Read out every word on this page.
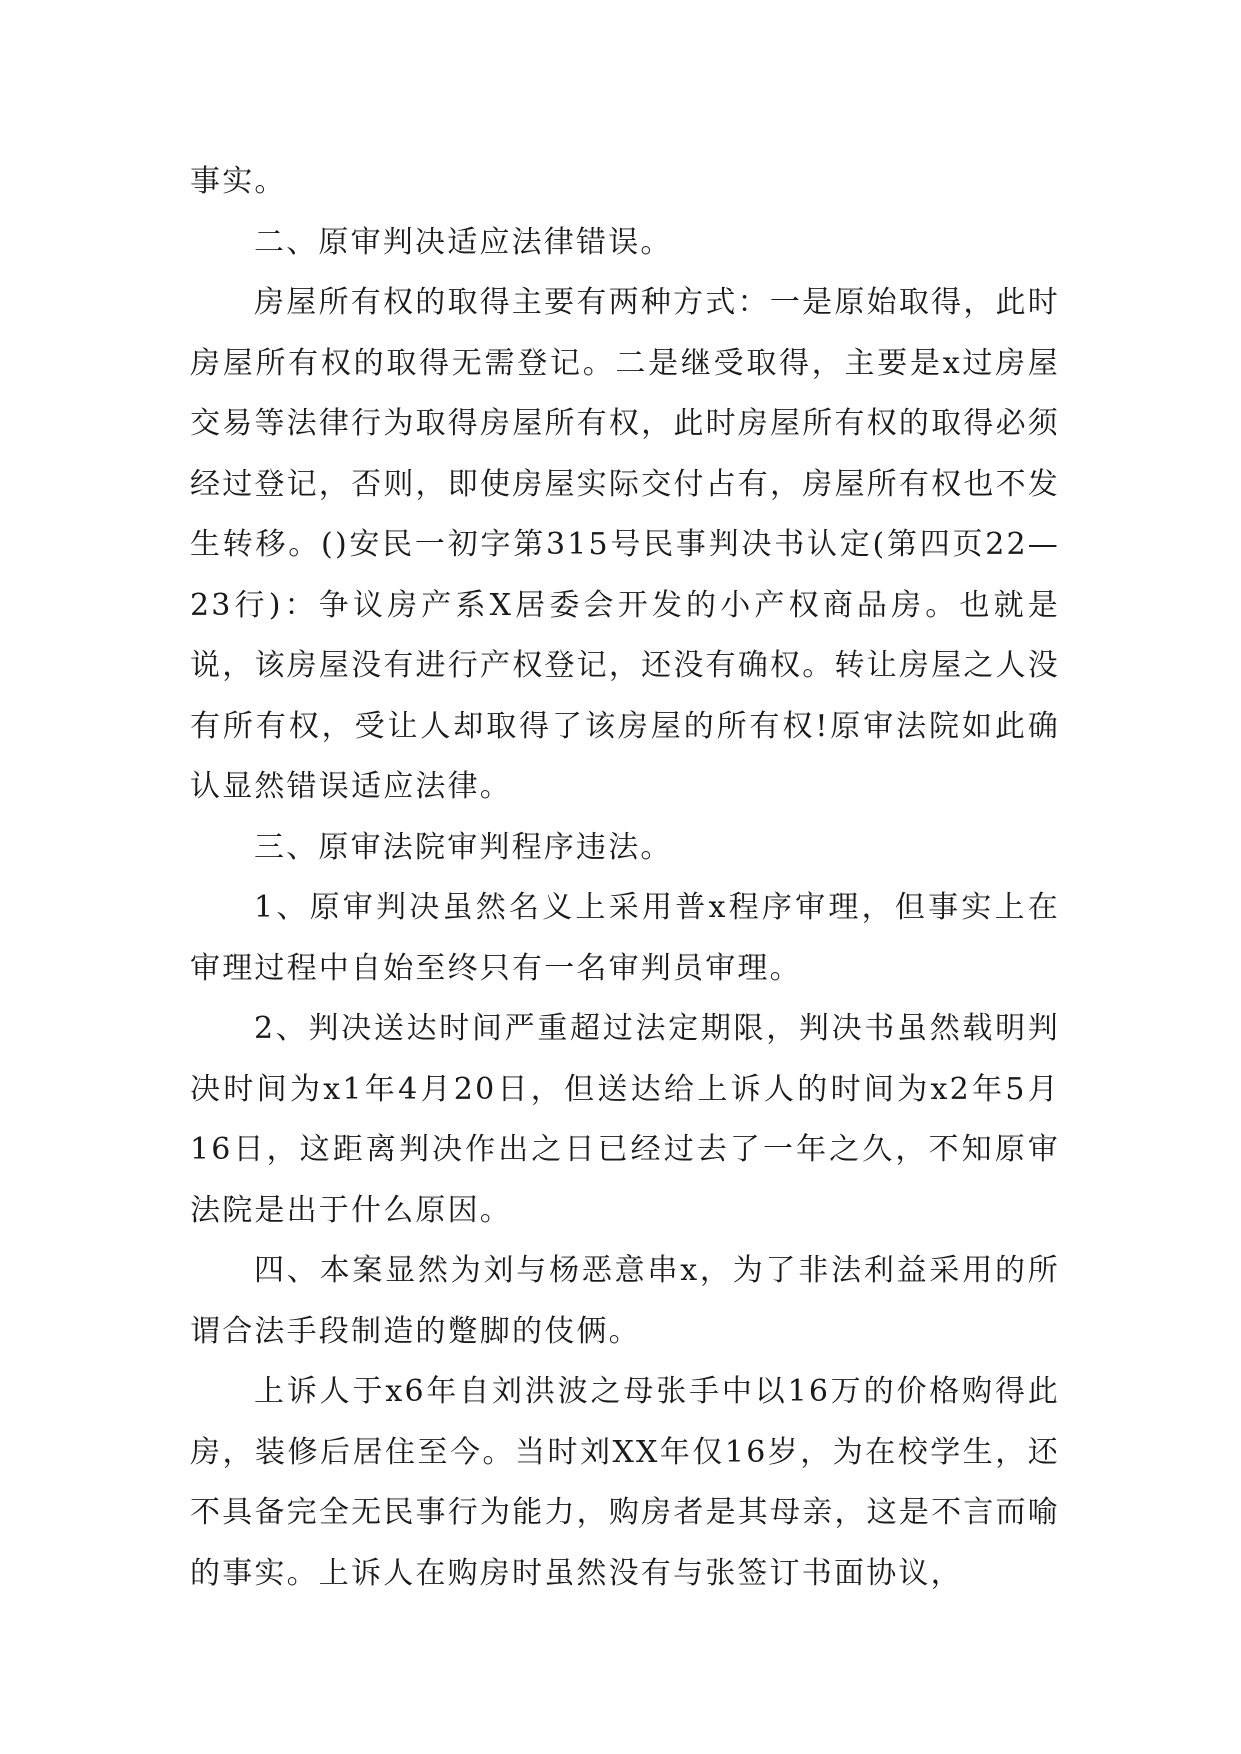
事实。

二、原审判决适应法律错误。

房屋所有权的取得主要有两种方式：一是原始取得，此时房屋所有权的取得无需登记。二是继受取得，主要是x过房屋交易等法律行为取得房屋所有权，此时房屋所有权的取得必须经过登记，否则，即使房屋实际交付占有，房屋所有权也不发生转移。()安民一初字第315号民事判决书认定(第四页22—23行)：争议房产系X居委会开发的小产权商品房。也就是说，该房屋没有进行产权登记，还没有确权。转让房屋之人没有所有权，受让人却取得了该房屋的所有权!原审法院如此确认显然错误适应法律。

三、原审法院审判程序违法。

1、原审判决虽然名义上采用普x程序审理，但事实上在审理过程中自始至终只有一名审判员审理。

2、判决送达时间严重超过法定期限，判决书虽然载明判决时间为x1年4月20日，但送达给上诉人的时间为x2年5月16日，这距离判决作出之日已经过去了一年之久，不知原审法院是出于什么原因。

四、本案显然为刘与杨恶意串x，为了非法利益采用的所谓合法手段制造的蹩脚的伎俩。

上诉人于x6年自刘洪波之母张手中以16万的价格购得此房，装修后居住至今。当时刘XX年仅16岁，为在校学生，还不具备完全无民事行为能力，购房者是其母亲，这是不言而喻的事实。上诉人在购房时虽然没有与张签订书面协议，
